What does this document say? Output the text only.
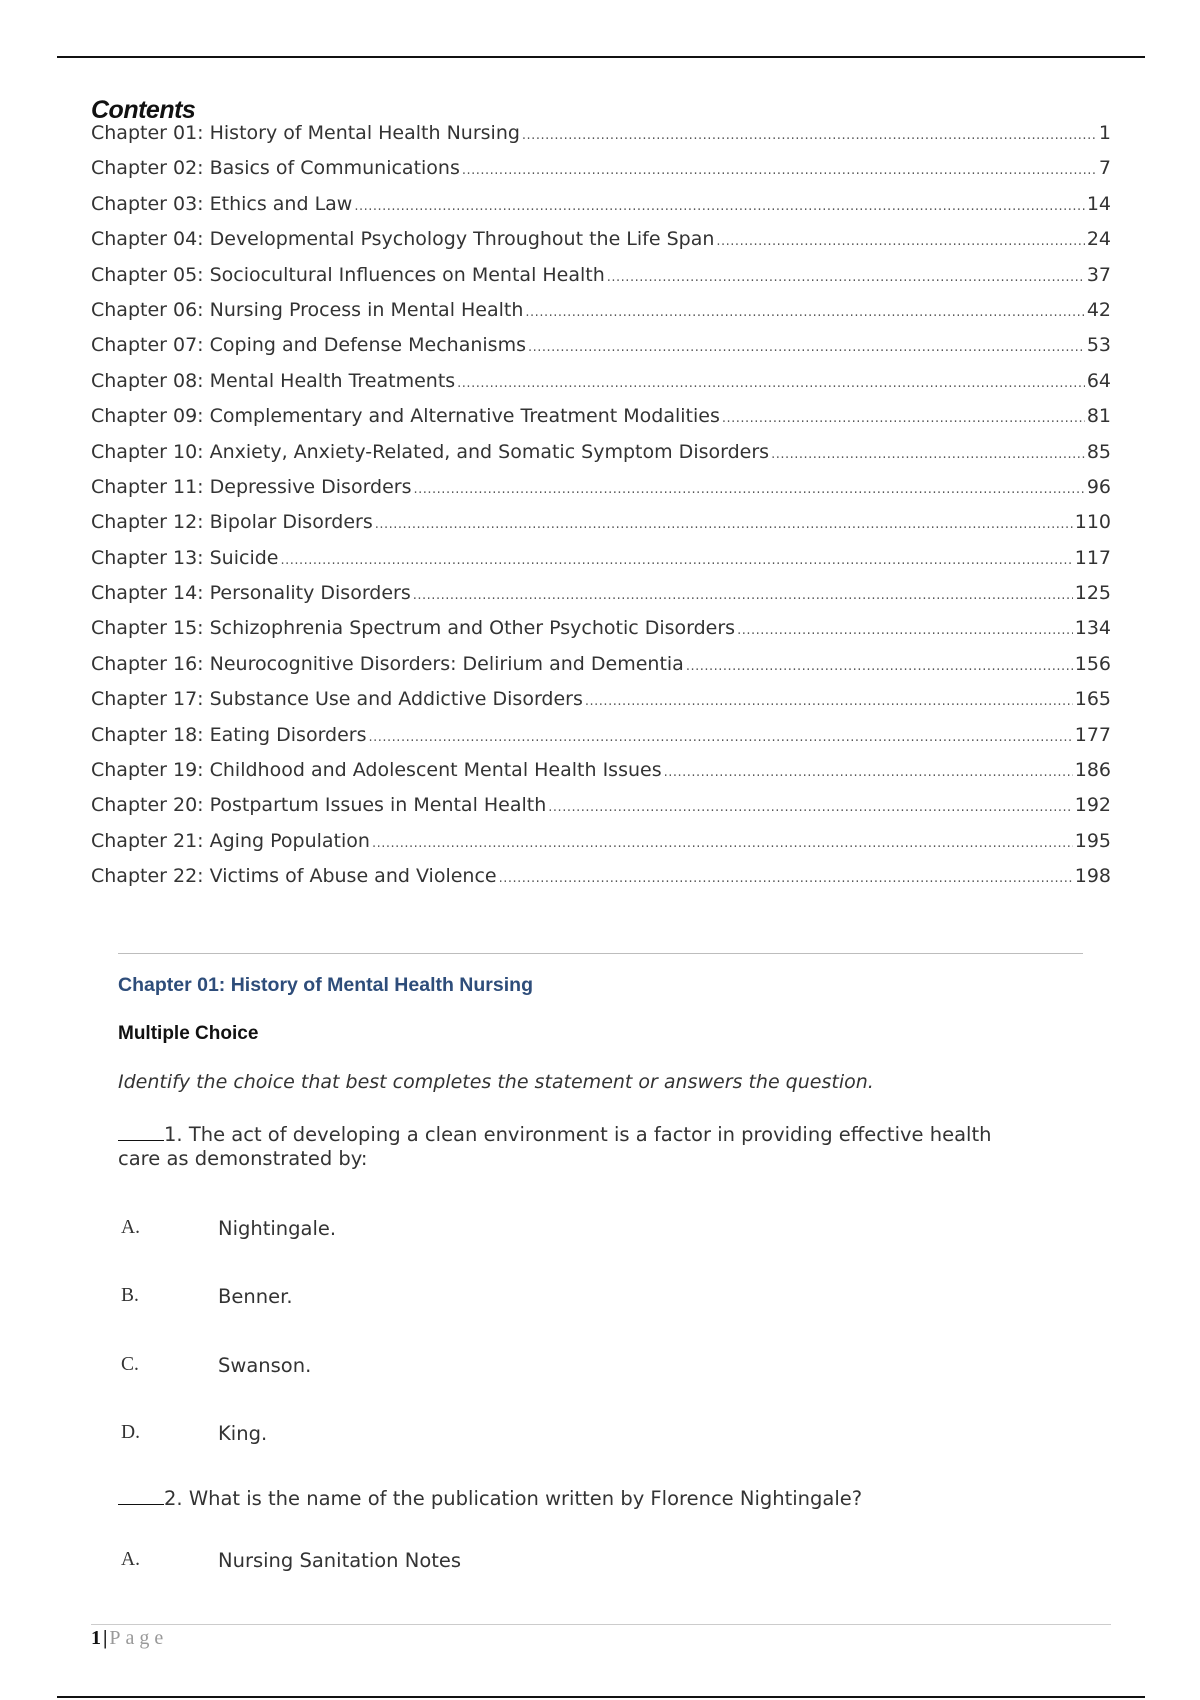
Contents
Chapter 01: History of Mental Health Nursing .....	1
Chapter 02: Basics of Communications .....	7
Chapter 03: Ethics and Law .....	14
Chapter 04: Developmental Psychology Throughout the Life Span .....	24
Chapter 05: Sociocultural Influences on Mental Health .....	37
Chapter 06: Nursing Process in Mental Health .....	42
Chapter 07: Coping and Defense Mechanisms .....	53
Chapter 08: Mental Health Treatments .....	64
Chapter 09: Complementary and Alternative Treatment Modalities .....	81
Chapter 10: Anxiety, Anxiety-Related, and Somatic Symptom Disorders .....	85
Chapter 11: Depressive Disorders .....	96
Chapter 12: Bipolar Disorders .....	110
Chapter 13: Suicide .....	117
Chapter 14: Personality Disorders .....	125
Chapter 15: Schizophrenia Spectrum and Other Psychotic Disorders .....	134
Chapter 16: Neurocognitive Disorders: Delirium and Dementia .....	156
Chapter 17: Substance Use and Addictive Disorders .....	165
Chapter 18: Eating Disorders .....	177
Chapter 19: Childhood and Adolescent Mental Health Issues .....	186
Chapter 20: Postpartum Issues in Mental Health .....	192
Chapter 21: Aging Population .....	195
Chapter 22: Victims of Abuse and Violence .....	198
Chapter 01: History of Mental Health Nursing
Multiple Choice
Identify the choice that best completes the statement or answers the question.
1. The act of developing a clean environment is a factor in providing effective health care as demonstrated by:
A.	Nightingale.
B.	Benner.
C.	Swanson.
D.	King.
2. What is the name of the publication written by Florence Nightingale?
A.	Nursing Sanitation Notes
1 | Page
